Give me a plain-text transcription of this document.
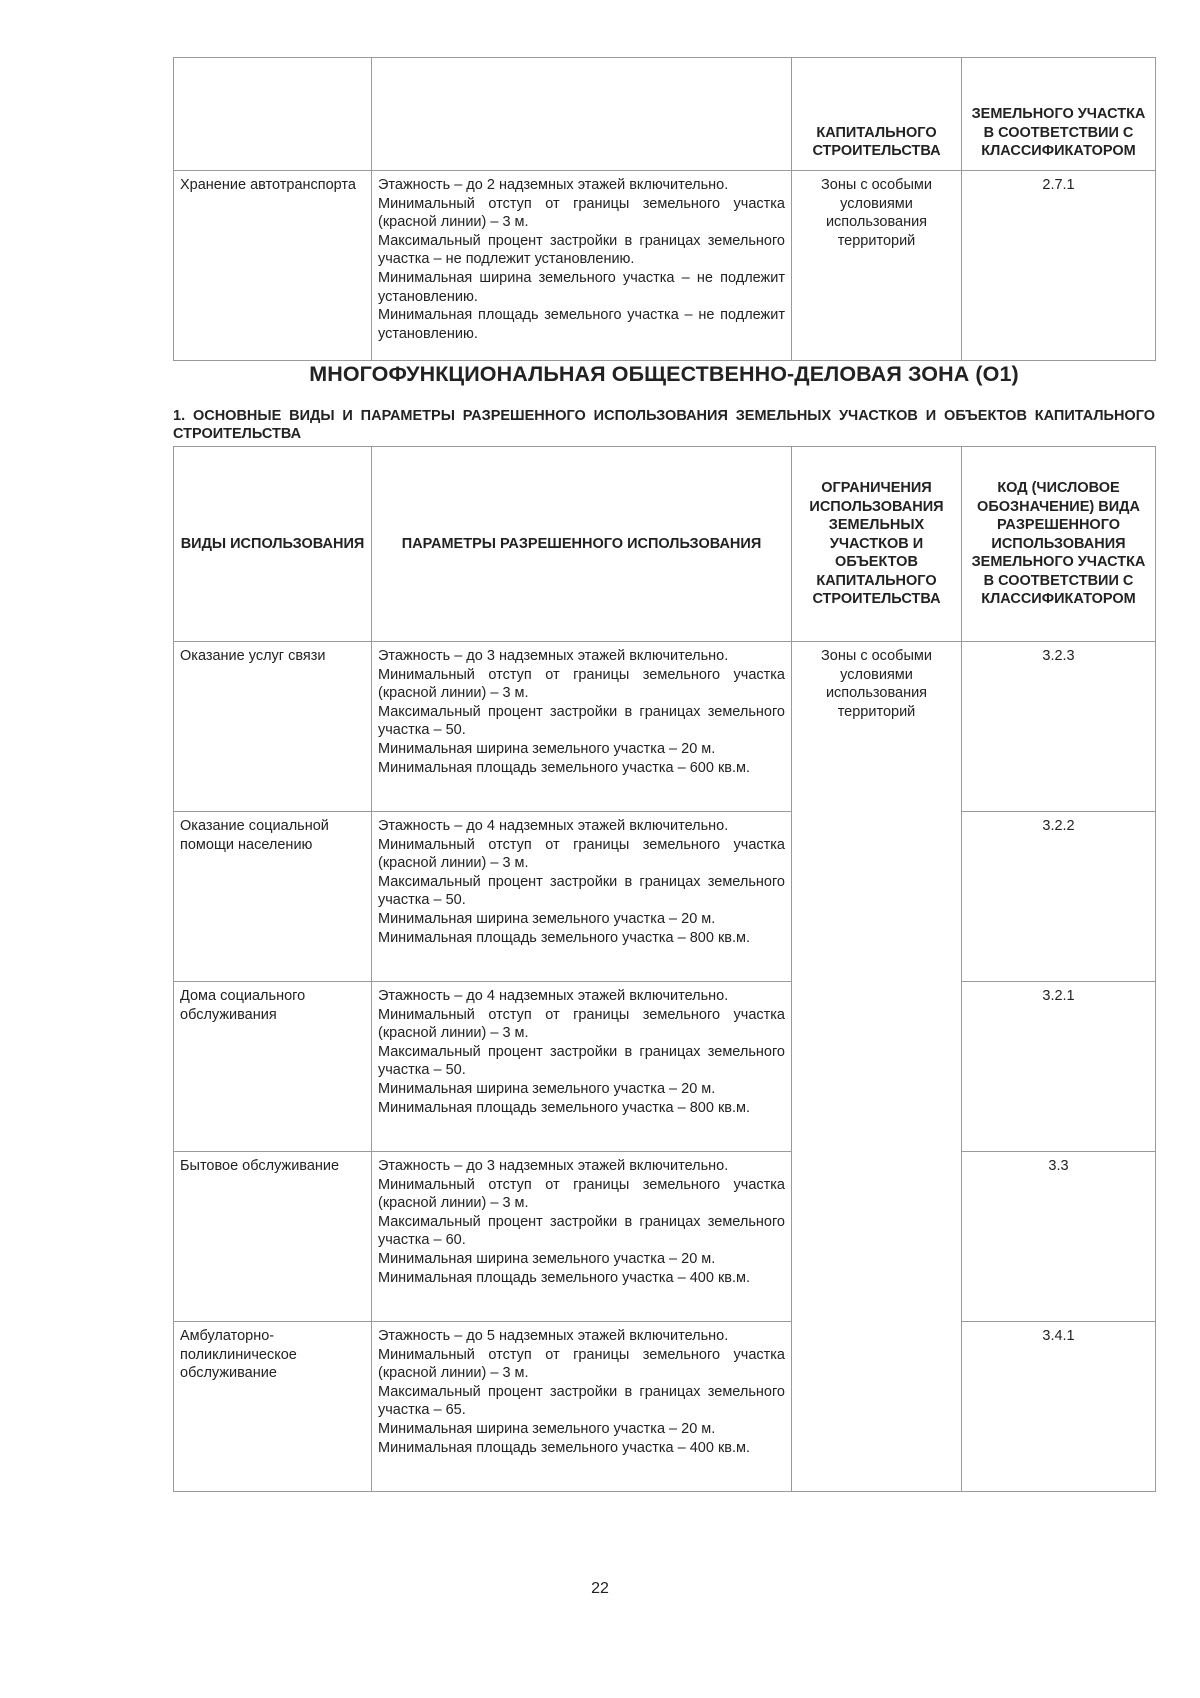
		КАПИТАЛЬНОГО СТРОИТЕЛЬСТВА	ЗЕМЕЛЬНОГО УЧАСТКА В СООТВЕТСТВИИ С КЛАССИФИКАТОРОМ
Хранение автотранспорта	Этажность – до 2 надземных этажей включительно.

Минимальный отступ от границы земельного участка (красной линии) – 3 м.

Максимальный процент застройки в границах земельного участка – не подлежит установлению.

Минимальная ширина земельного участка – не подлежит установлению.

Минимальная площадь земельного участка – не подлежит установлению.	Зоны с особыми условиями использования территорий	2.7.1
МНОГОФУНКЦИОНАЛЬНАЯ ОБЩЕСТВЕННО-ДЕЛОВАЯ ЗОНА (О1)
1. ОСНОВНЫЕ ВИДЫ И ПАРАМЕТРЫ РАЗРЕШЕННОГО ИСПОЛЬЗОВАНИЯ ЗЕМЕЛЬНЫХ УЧАСТКОВ И ОБЪЕКТОВ КАПИТАЛЬНОГО СТРОИТЕЛЬСТВА
ВИДЫ ИСПОЛЬЗОВАНИЯ	ПАРАМЕТРЫ РАЗРЕШЕННОГО ИСПОЛЬЗОВАНИЯ	ОГРАНИЧЕНИЯ ИСПОЛЬЗОВАНИЯ ЗЕМЕЛЬНЫХ УЧАСТКОВ И ОБЪЕКТОВ КАПИТАЛЬНОГО СТРОИТЕЛЬСТВА	КОД (ЧИСЛОВОЕ ОБОЗНАЧЕНИЕ) ВИДА РАЗРЕШЕННОГО ИСПОЛЬЗОВАНИЯ ЗЕМЕЛЬНОГО УЧАСТКА В СООТВЕТСТВИИ С КЛАССИФИКАТОРОМ
Оказание услуг связи	Этажность – до 3 надземных этажей включительно.

Минимальный отступ от границы земельного участка (красной линии) – 3 м.

Максимальный процент застройки в границах земельного участка – 50.

Минимальная ширина земельного участка – 20 м.

Минимальная площадь земельного участка – 600 кв.м.	Зоны с особыми условиями использования территорий	3.2.3
Оказание социальной помощи населению	Этажность – до 4 надземных этажей включительно.

Минимальный отступ от границы земельного участка (красной линии) – 3 м.

Максимальный процент застройки в границах земельного участка – 50.

Минимальная ширина земельного участка – 20 м.

Минимальная площадь земельного участка – 800 кв.м.		3.2.2
Дома социального обслуживания	Этажность – до 4 надземных этажей включительно.

Минимальный отступ от границы земельного участка (красной линии) – 3 м.

Максимальный процент застройки в границах земельного участка – 50.

Минимальная ширина земельного участка – 20 м.

Минимальная площадь земельного участка – 800 кв.м.		3.2.1
Бытовое обслуживание	Этажность – до 3 надземных этажей включительно.

Минимальный отступ от границы земельного участка (красной линии) – 3 м.

Максимальный процент застройки в границах земельного участка – 60.

Минимальная ширина земельного участка – 20 м.

Минимальная площадь земельного участка – 400 кв.м.		3.3
Амбулаторно-поликлиническое обслуживание	Этажность – до 5 надземных этажей включительно.

Минимальный отступ от границы земельного участка (красной линии) – 3 м.

Максимальный процент застройки в границах земельного участка – 65.

Минимальная ширина земельного участка – 20 м.

Минимальная площадь земельного участка – 400 кв.м.		3.4.1
22
